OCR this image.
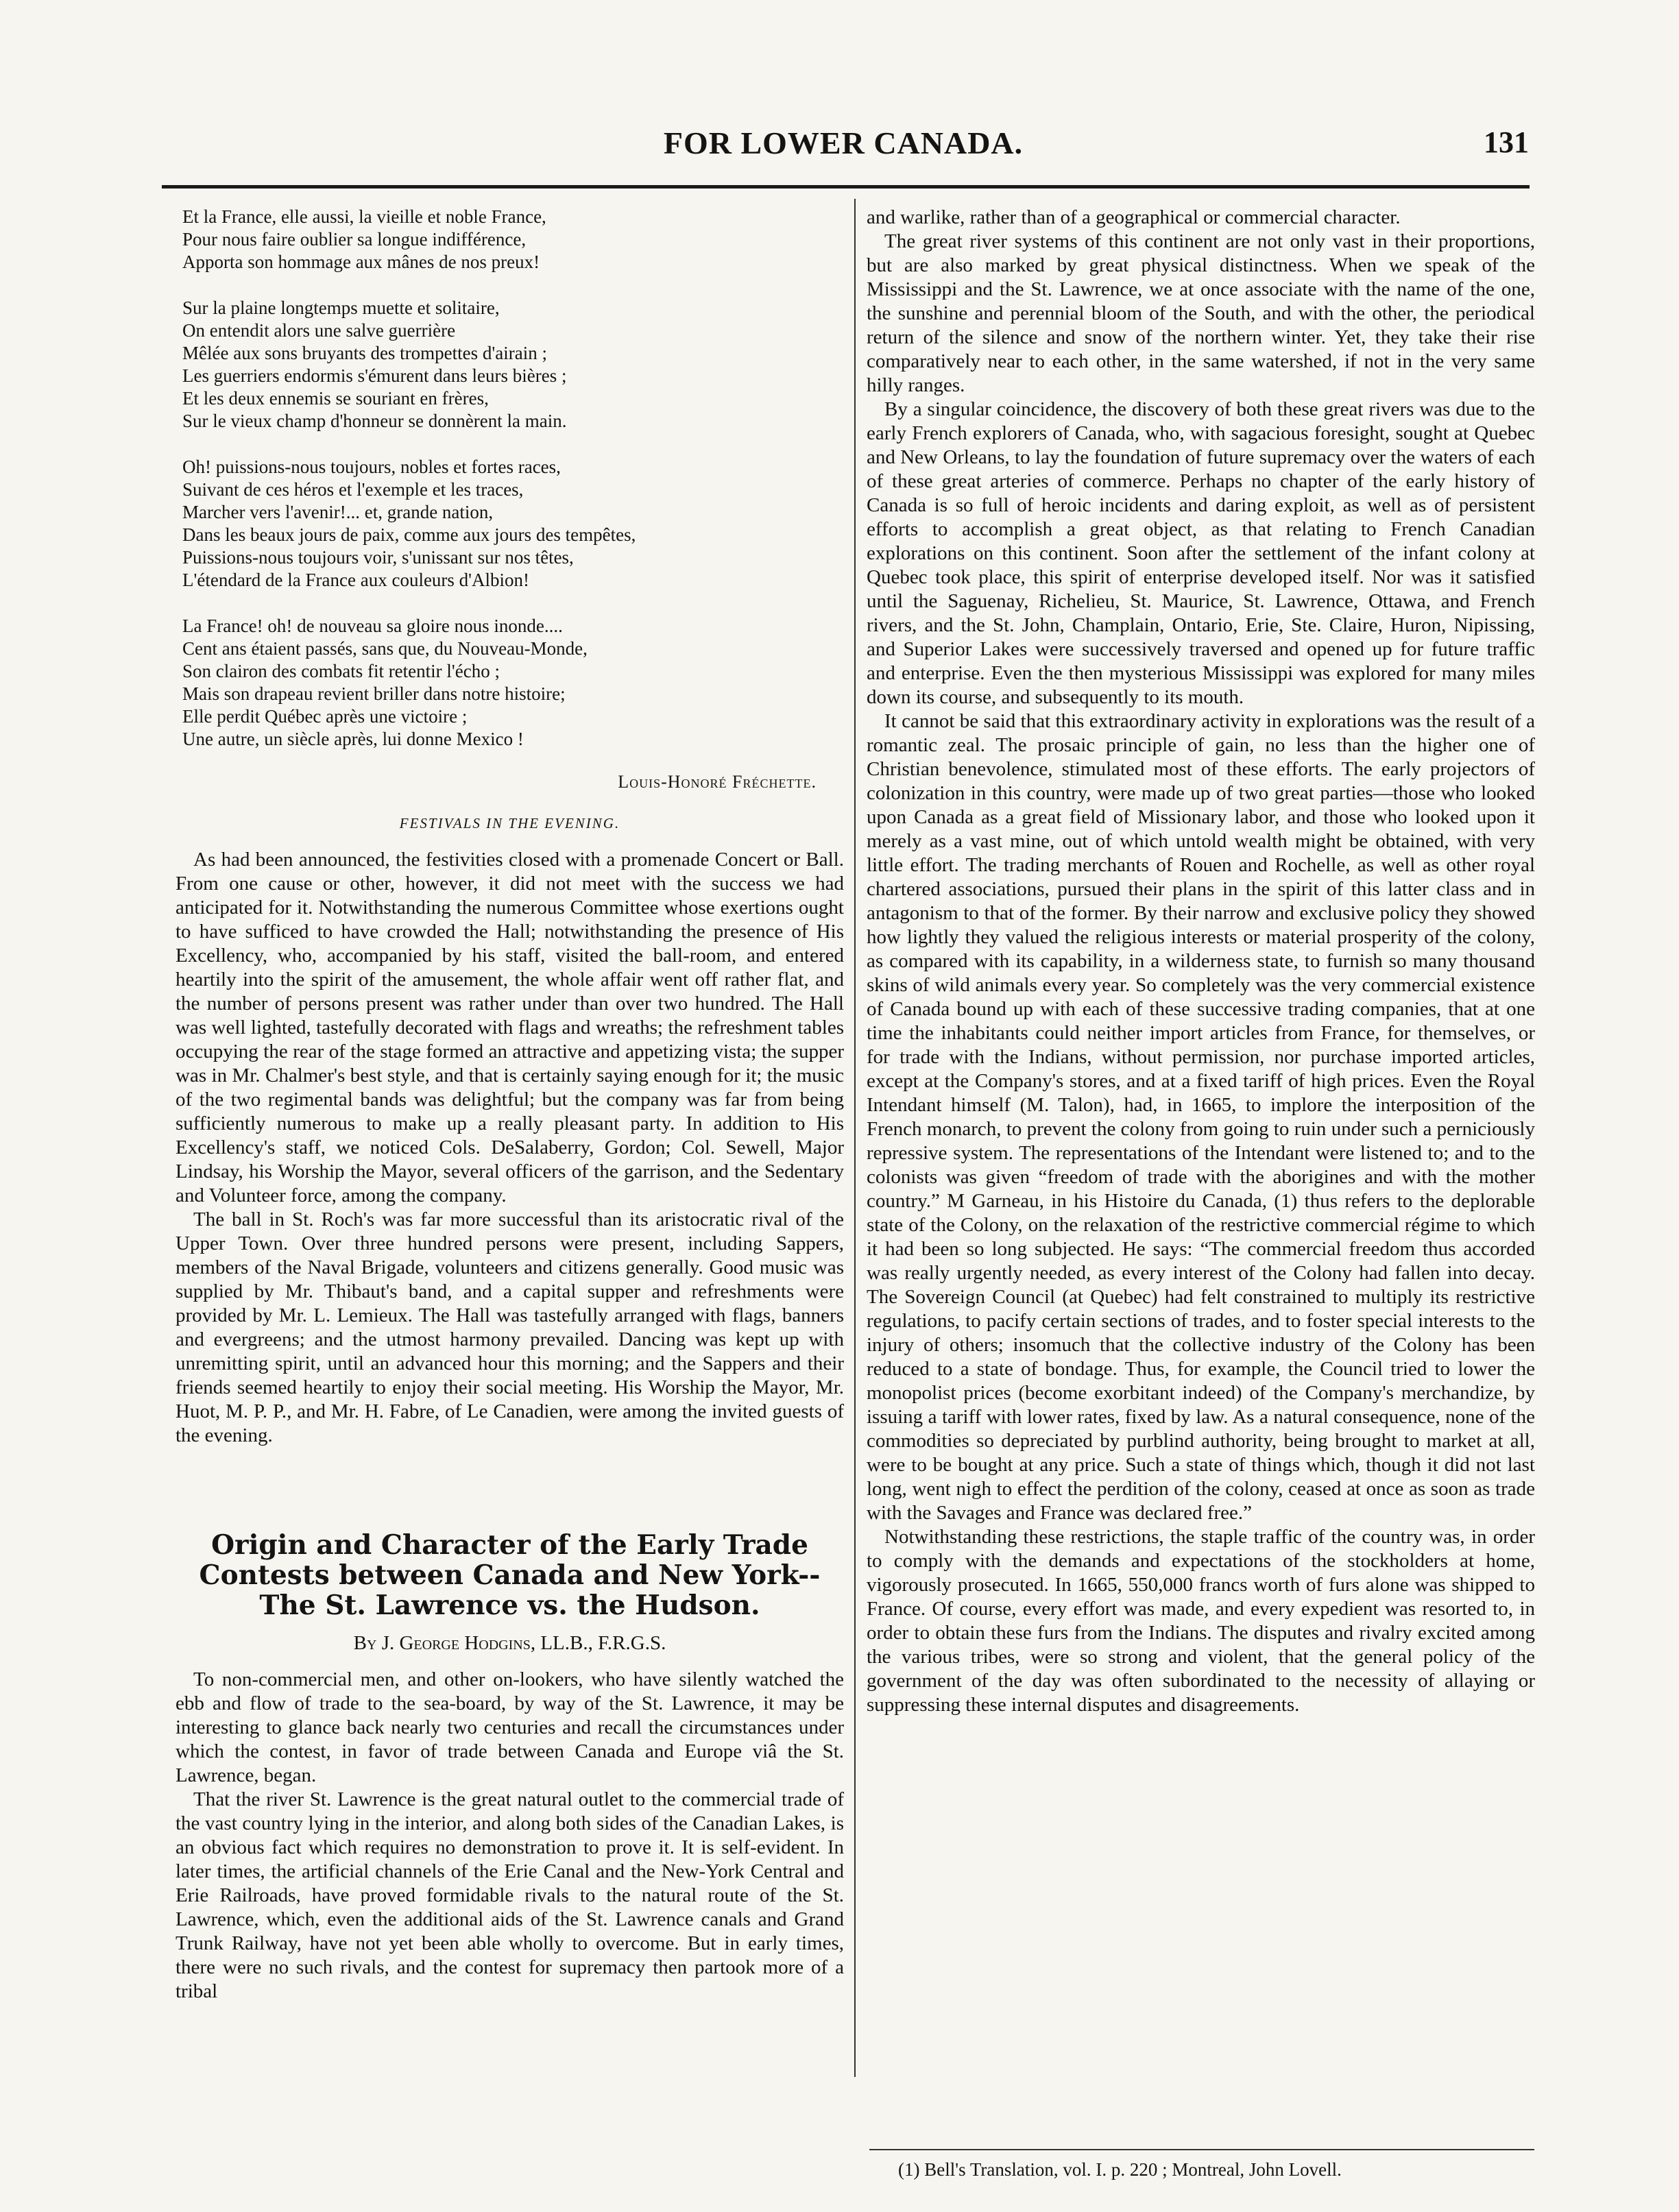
FOR LOWER CANADA.	131
Et la France, elle aussi, la vieille et noble France,
Pour nous faire oublier sa longue indifférence,
Apporta son hommage aux mânes de nos preux!
Sur la plaine longtemps muette et solitaire,
On entendit alors une salve guerrière
Mêlée aux sons bruyants des trompettes d'airain ;
Les guerriers endormis s'émurent dans leurs bières ;
Et les deux ennemis se souriant en frères,
Sur le vieux champ d'honneur se donnèrent la main.
Oh! puissions-nous toujours, nobles et fortes races,
Suivant de ces héros et l'exemple et les traces,
Marcher vers l'avenir!... et, grande nation,
Dans les beaux jours de paix, comme aux jours des tempêtes,
Puissions-nous toujours voir, s'unissant sur nos têtes,
L'étendard de la France aux couleurs d'Albion!
La France! oh! de nouveau sa gloire nous inonde....
Cent ans étaient passés, sans que, du Nouveau-Monde,
Son clairon des combats fit retentir l'écho ;
Mais son drapeau revient briller dans notre histoire;
Elle perdit Québec après une victoire ;
Une autre, un siècle après, lui donne Mexico !
Louis-Honoré Fréchette.
FESTIVALS IN THE EVENING.

As had been announced, the festivities closed with a promenade Concert or Ball. From one cause or other, however, it did not meet with the success we had anticipated for it. Notwithstanding the numerous Committee whose exertions ought to have sufficed to have crowded the Hall; notwithstanding the presence of His Excellency, who, accompanied by his staff, visited the ball-room, and entered heartily into the spirit of the amusement, the whole affair went off rather flat, and the number of persons present was rather under than over two hundred. The Hall was well lighted, tastefully decorated with flags and wreaths; the refreshment tables occupying the rear of the stage formed an attractive and appetizing vista; the supper was in Mr. Chalmer's best style, and that is certainly saying enough for it; the music of the two regimental bands was delightful; but the company was far from being sufficiently numerous to make up a really pleasant party. In addition to His Excellency's staff, we noticed Cols. DeSalaberry, Gordon; Col. Sewell, Major Lindsay, his Worship the Mayor, several officers of the garrison, and the Sedentary and Volunteer force, among the company.

The ball in St. Roch's was far more successful than its aristocratic rival of the Upper Town. Over three hundred persons were present, including Sappers, members of the Naval Brigade, volunteers and citizens generally. Good music was supplied by Mr. Thibaut's band, and a capital supper and refreshments were provided by Mr. L. Lemieux. The Hall was tastefully arranged with flags, banners and evergreens; and the utmost harmony prevailed. Dancing was kept up with unremitting spirit, until an advanced hour this morning; and the Sappers and their friends seemed heartily to enjoy their social meeting. His Worship the Mayor, Mr. Huot, M. P. P., and Mr. H. Fabre, of Le Canadien, were among the invited guests of the evening.

Origin and Character of the Early Trade Contests between Canada and New York-- The St. Lawrence vs. the Hudson.
By J. George Hodgins, LL.B., F.R.G.S.

To non-commercial men, and other on-lookers, who have silently watched the ebb and flow of trade to the sea-board, by way of the St. Lawrence, it may be interesting to glance back nearly two centuries and recall the circumstances under which the contest, in favor of trade between Canada and Europe viâ the St. Lawrence, began.

That the river St. Lawrence is the great natural outlet to the commercial trade of the vast country lying in the interior, and along both sides of the Canadian Lakes, is an obvious fact which requires no demonstration to prove it. It is self-evident. In later times, the artificial channels of the Erie Canal and the New-York Central and Erie Railroads, have proved formidable rivals to the natural route of the St. Lawrence, which, even the additional aids of the St. Lawrence canals and Grand Trunk Railway, have not yet been able wholly to overcome. But in early times, there were no such rivals, and the contest for supremacy then partook more of a tribal

and warlike, rather than of a geographical or commercial character.

The great river systems of this continent are not only vast in their proportions, but are also marked by great physical distinctness. When we speak of the Mississippi and the St. Lawrence, we at once associate with the name of the one, the sunshine and perennial bloom of the South, and with the other, the periodical return of the silence and snow of the northern winter. Yet, they take their rise comparatively near to each other, in the same watershed, if not in the very same hilly ranges.

By a singular coincidence, the discovery of both these great rivers was due to the early French explorers of Canada, who, with sagacious foresight, sought at Quebec and New Orleans, to lay the foundation of future supremacy over the waters of each of these great arteries of commerce. Perhaps no chapter of the early history of Canada is so full of heroic incidents and daring exploit, as well as of persistent efforts to accomplish a great object, as that relating to French Canadian explorations on this continent. Soon after the settlement of the infant colony at Quebec took place, this spirit of enterprise developed itself. Nor was it satisfied until the Saguenay, Richelieu, St. Maurice, St. Lawrence, Ottawa, and French rivers, and the St. John, Champlain, Ontario, Erie, Ste. Claire, Huron, Nipissing, and Superior Lakes were successively traversed and opened up for future traffic and enterprise. Even the then mysterious Mississippi was explored for many miles down its course, and subsequently to its mouth.

It cannot be said that this extraordinary activity in explorations was the result of a romantic zeal. The prosaic principle of gain, no less than the higher one of Christian benevolence, stimulated most of these efforts. The early projectors of colonization in this country, were made up of two great parties—those who looked upon Canada as a great field of Missionary labor, and those who looked upon it merely as a vast mine, out of which untold wealth might be obtained, with very little effort. The trading merchants of Rouen and Rochelle, as well as other royal chartered associations, pursued their plans in the spirit of this latter class and in antagonism to that of the former. By their narrow and exclusive policy they showed how lightly they valued the religious interests or material prosperity of the colony, as compared with its capability, in a wilderness state, to furnish so many thousand skins of wild animals every year. So completely was the very commercial existence of Canada bound up with each of these successive trading companies, that at one time the inhabitants could neither import articles from France, for themselves, or for trade with the Indians, without permission, nor purchase imported articles, except at the Company's stores, and at a fixed tariff of high prices. Even the Royal Intendant himself (M. Talon), had, in 1665, to implore the interposition of the French monarch, to prevent the colony from going to ruin under such a perniciously repressive system. The representations of the Intendant were listened to; and to the colonists was given “freedom of trade with the aborigines and with the mother country.” M Garneau, in his Histoire du Canada, (1) thus refers to the deplorable state of the Colony, on the relaxation of the restrictive commercial régime to which it had been so long subjected. He says: “The commercial freedom thus accorded was really urgently needed, as every interest of the Colony had fallen into decay. The Sovereign Council (at Quebec) had felt constrained to multiply its restrictive regulations, to pacify certain sections of trades, and to foster special interests to the injury of others; insomuch that the collective industry of the Colony has been reduced to a state of bondage. Thus, for example, the Council tried to lower the monopolist prices (become exorbitant indeed) of the Company's merchandize, by issuing a tariff with lower rates, fixed by law. As a natural consequence, none of the commodities so depreciated by purblind authority, being brought to market at all, were to be bought at any price. Such a state of things which, though it did not last long, went nigh to effect the perdition of the colony, ceased at once as soon as trade with the Savages and France was declared free.”

Notwithstanding these restrictions, the staple traffic of the country was, in order to comply with the demands and expectations of the stockholders at home, vigorously prosecuted. In 1665, 550,000 francs worth of furs alone was shipped to France. Of course, every effort was made, and every expedient was resorted to, in order to obtain these furs from the Indians. The disputes and rivalry excited among the various tribes, were so strong and violent, that the general policy of the government of the day was often subordinated to the necessity of allaying or suppressing these internal disputes and disagreements.

(1) Bell's Translation, vol. I. p. 220 ; Montreal, John Lovell.
